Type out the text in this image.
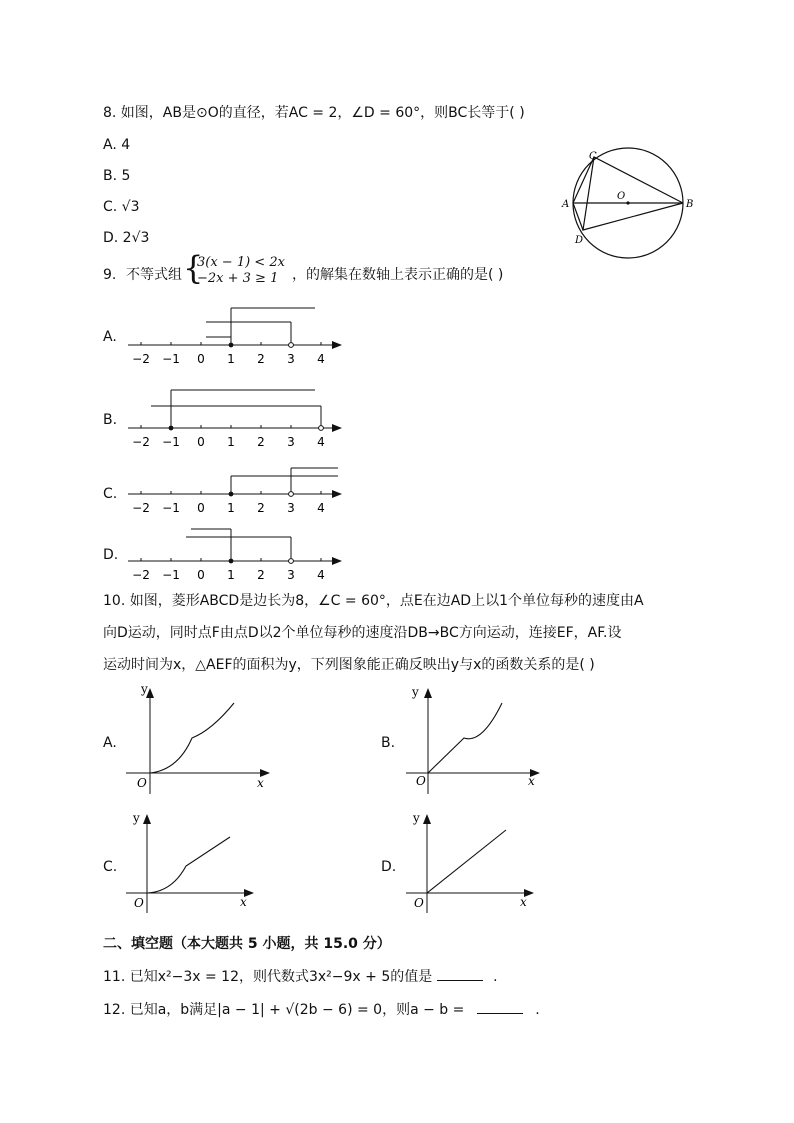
8. 如图，AB是⊙O的直径，若AC = 2，∠D = 60°，则BC长等于( )
A. 4
B. 5
C. √3
D. 2√3
C
O
A	B
D
9. 不等式组 {
3(x − 1) < 2x
−2x + 3 ≥ 1 ，的解集在数轴上表示正确的是( )
A.
−2 −1 0 1 2 3 4
B.
−2 −1 0 1 2 3 4
C.
−2 −1 0 1 2 3 4
D.
−2 −1 0 1 2 3 4
10. 如图，菱形ABCD是边长为8，∠C = 60°，点E在边AD上以1个单位每秒的速度由A
向D运动，同时点F由点D以2个单位每秒的速度沿DB→BC方向运动，连接EF，AF.设
运动时间为x，△AEF的面积为y，下列图象能正确反映出y与x的函数关系的是( )
A.
y
x
O
B.
y
x
O
C.
y
x
O
D.
y
x
O
二、填空题（本大题共 5 小题，共 15.0 分）
11. 已知x²−3x = 12，则代数式3x²−9x + 5的值是	.
12. 已知a，b满足|a − 1| + √(2b − 6) = 0，则a − b =	.
